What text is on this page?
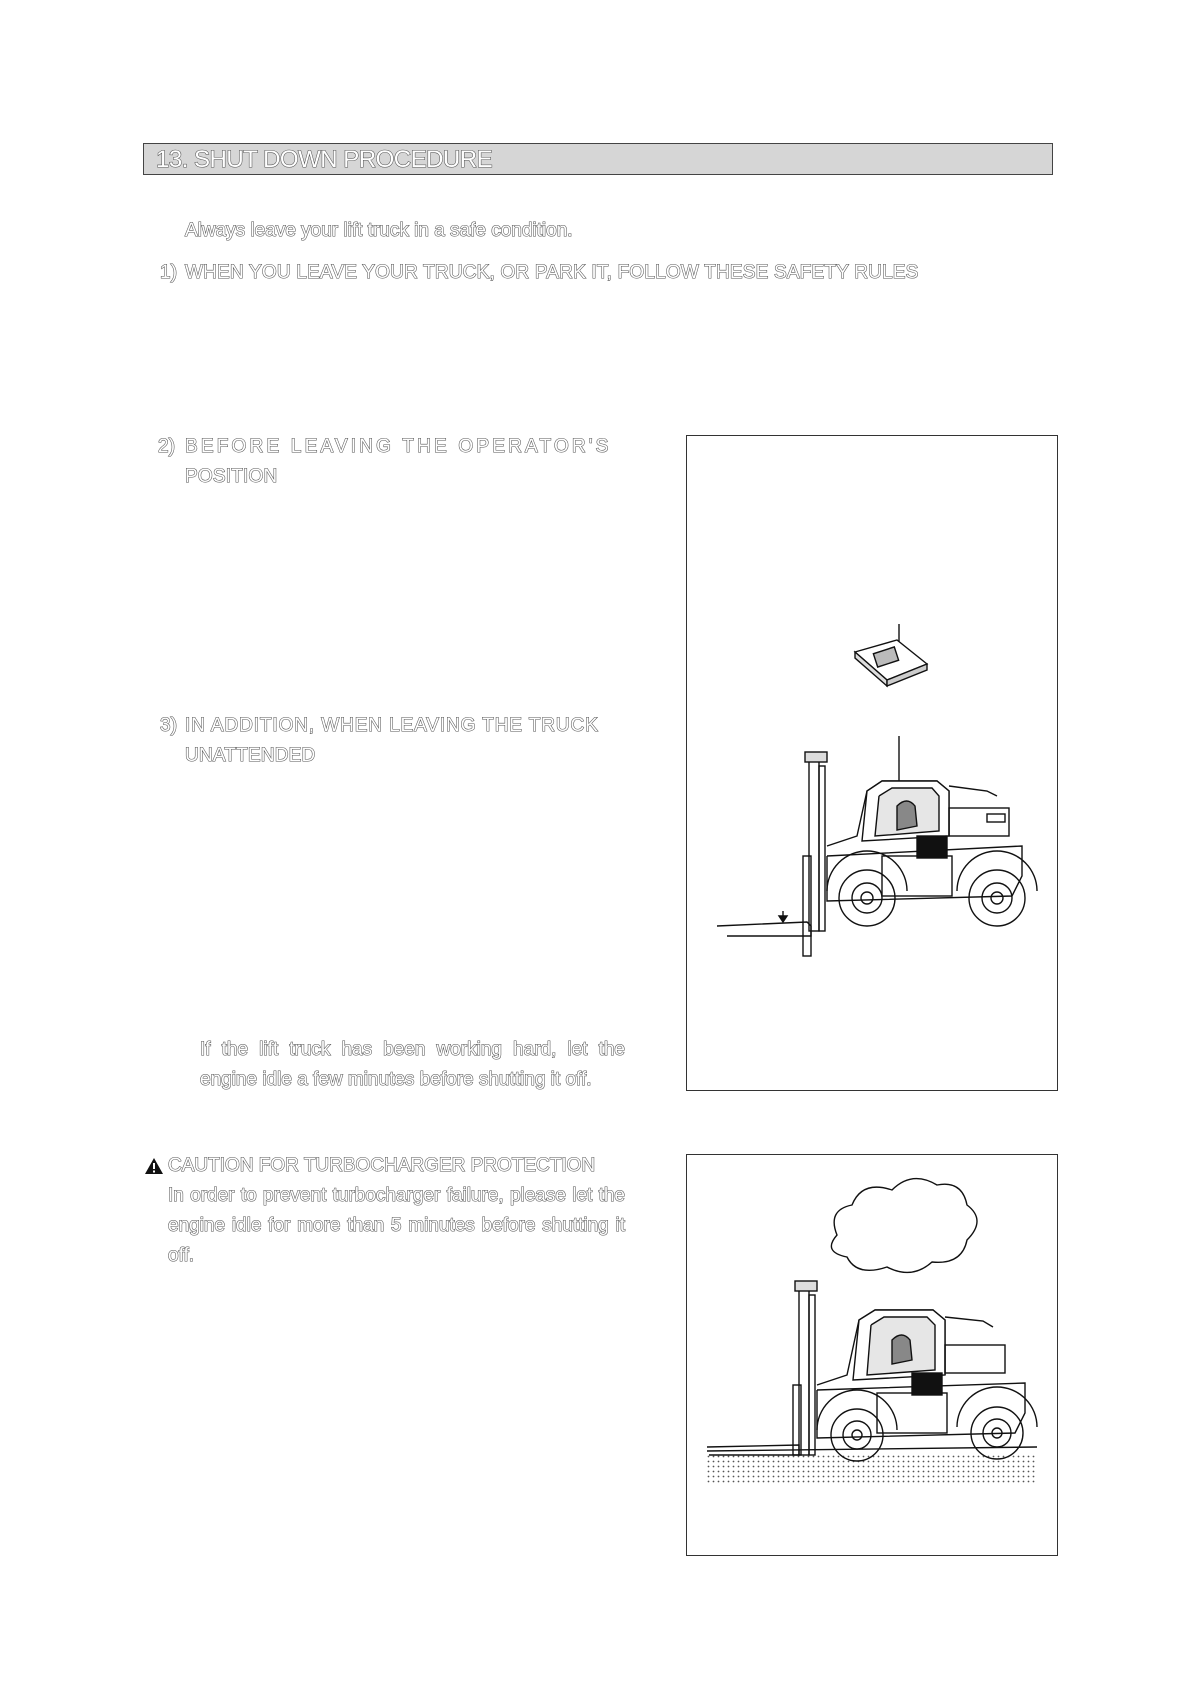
13. SHUT DOWN PROCEDURE
Always leave your lift truck in a safe condition.
1) WHEN YOU LEAVE YOUR TRUCK, OR PARK IT, FOLLOW THESE SAFETY RULES
2) BEFORE LEAVING THE OPERATOR'S
POSITION
3) IN ADDITION, WHEN LEAVING THE TRUCK
UNATTENDED
If the lift truck has been working hard, let the engine idle a few minutes before shutting it off.
CAUTION FOR TURBOCHARGER PROTECTION
In order to prevent turbocharger failure, please let the engine idle for more than 5 minutes before shutting it off.
